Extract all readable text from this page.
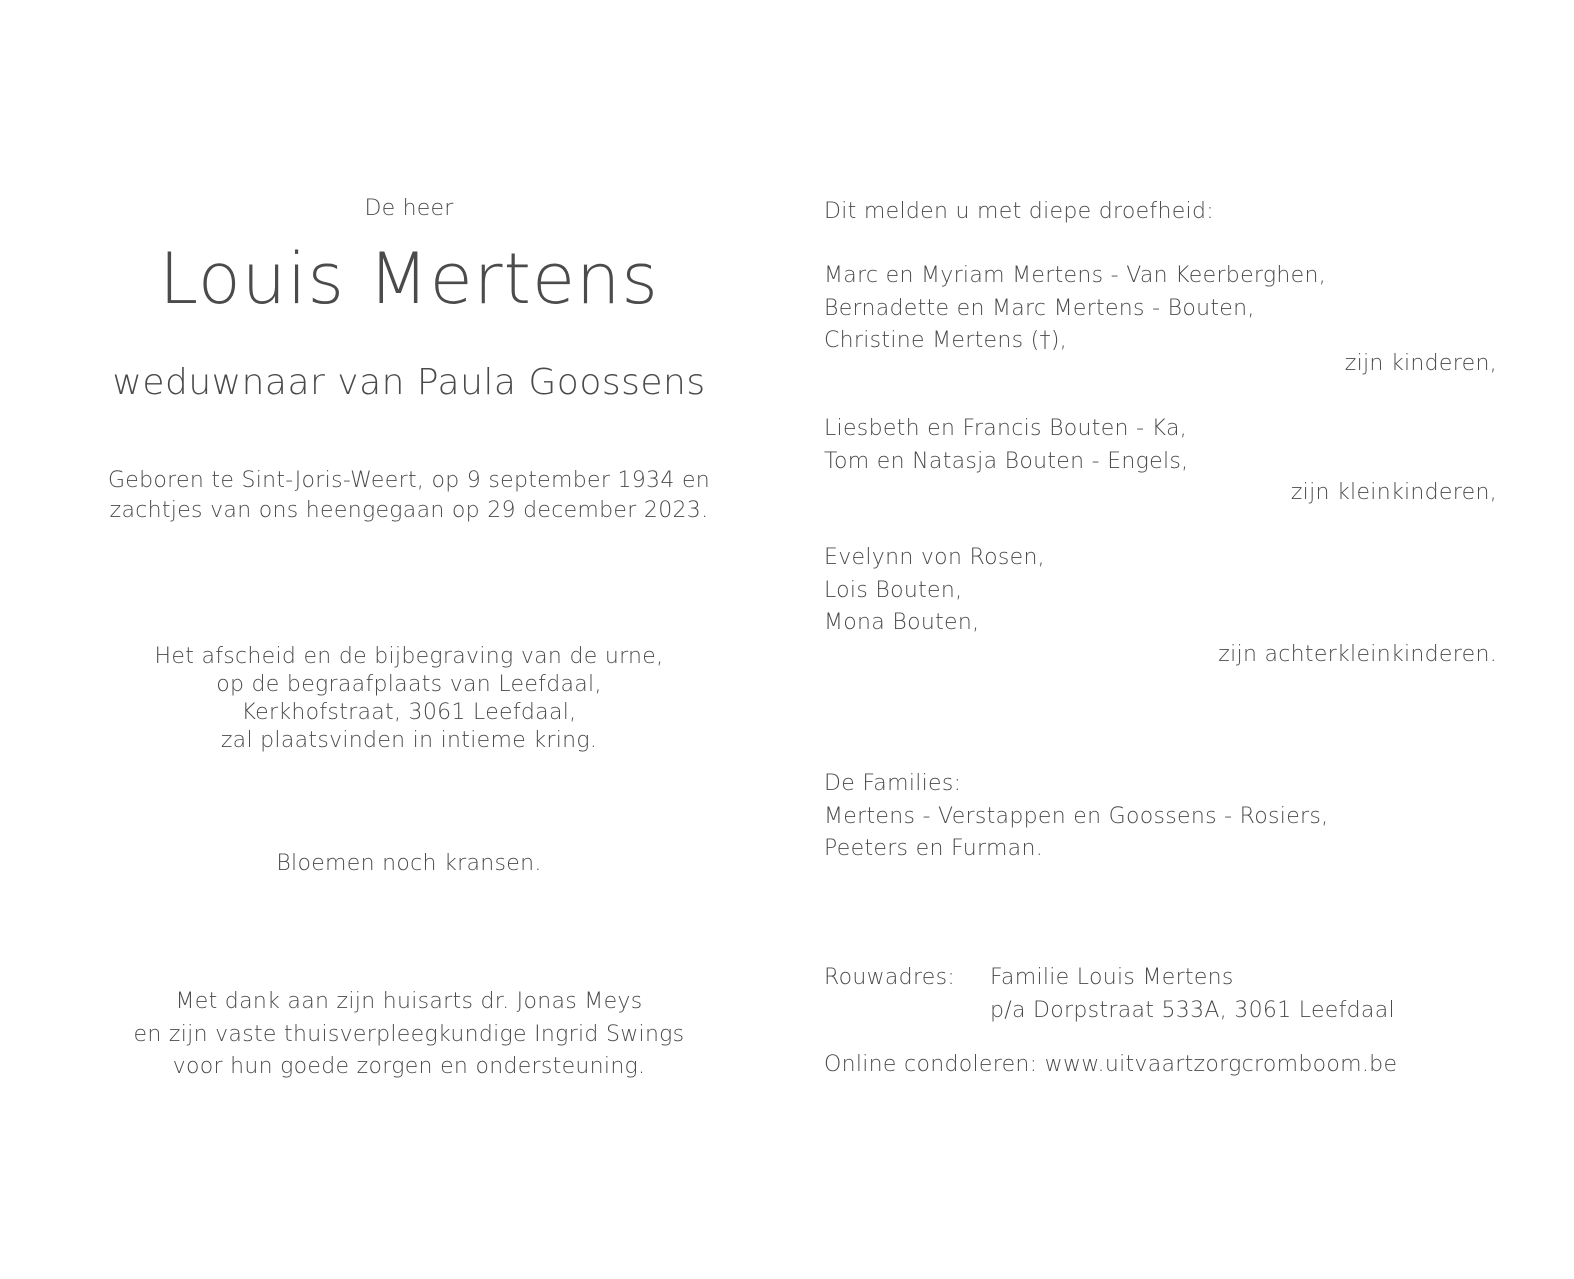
De heer
Louis Mertens
weduwnaar van Paula Goossens
Geboren te Sint-Joris-Weert, op 9 september 1934 en
zachtjes van ons heengegaan op 29 december 2023.
Het afscheid en de bijbegraving van de urne,
op de begraafplaats van Leefdaal,
Kerkhofstraat, 3061 Leefdaal,
zal plaatsvinden in intieme kring.
Bloemen noch kransen.
Met dank aan zijn huisarts dr. Jonas Meys
en zijn vaste thuisverpleegkundige Ingrid Swings
voor hun goede zorgen en ondersteuning.
Dit melden u met diepe droefheid:
Marc en Myriam Mertens - Van Keerberghen,
Bernadette en Marc Mertens - Bouten,
Christine Mertens (†),
zijn kinderen,
Liesbeth en Francis Bouten - Ka,
Tom en Natasja Bouten - Engels,
zijn kleinkinderen,
Evelynn von Rosen,
Lois Bouten,
Mona Bouten,
zijn achterkleinkinderen.
De Families:
Mertens - Verstappen en Goossens - Rosiers,
Peeters en Furman.
Rouwadres: Familie Louis Mertens
p/a Dorpstraat 533A, 3061 Leefdaal
Online condoleren: www.uitvaartzorgcromboom.be
